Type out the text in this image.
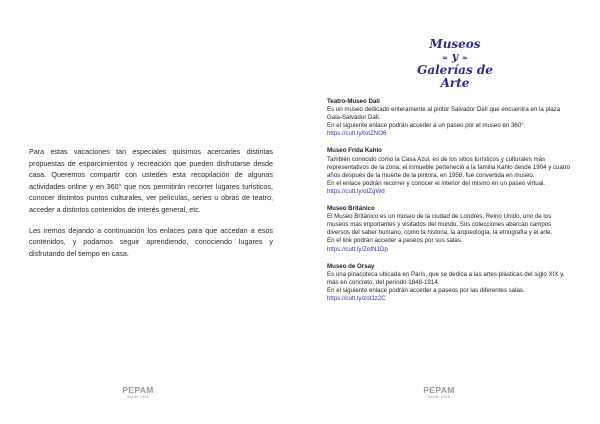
Para estas vacaciones tan especiales quisimos acercarles distintas propuestas de esparcimientos y recreación que pueden disfrutarse desde casa. Queremos compartir con ustedes esta recopilación de algunas actividades online y en 360° que nos permitirán recorrer lugares turísticos, conocer distintos puntos culturales, ver películas, series u obras de teatro, acceder a distintos contenidos de interés general, etc.

Les iremos dejando a continuación los enlaces para que accedan a esos contenidos, y podamos seguir aprendiendo, conociendo lugares y disfrutando del tiempo en casa.

PEPAM
desde 1996
Museos
≈ y ≈
Galerías de Arte
Teatro-Museo Dalí
Es un museo dedicado enteramente al pintor Salvador Dalí que encuentra en la plaza Gala-Salvador Dalí.
En el siguiente enlace podrán acceder a un paseo por el museo en 360°.
https://cutt.ly/totZNO6
Museo Frida Kahlo
También conocido como la Casa Azul, es de los sitios turísticos y culturales más representativos de la zona; el inmueble perteneció a la familia Kahlo desde 1904 y cuatro años después de la muerte de la pintora, en 1958, fue convertida en museo.
En el enlace podrán recorrer y conocer el interior del mismo en un paseo virtual.
https://cutt.ly/otZgWd
Museo Británico
El Museo Británico es un museo de la ciudad de Londres, Reino Unido, uno de los museos más importantes y visitados del mundo. Sus colecciones abarcan campos diversos del saber humano, como la historia, la arqueología, la etnografía y el arte.
En el link podrán acceder a paseos por sus salas.
https://cutt.ly/ZotN1Dp
Museo de Orsay
Es una pinacoteca ubicada en París, que se dedica a las artes plásticas del siglo XIX y, más en concreto, del período 1848-1914.
En el siguiente enlace podrán acceder a paseos por las diferentes salas.
https://cutt.ly/zot1z2C
PEPAM
desde 1996
